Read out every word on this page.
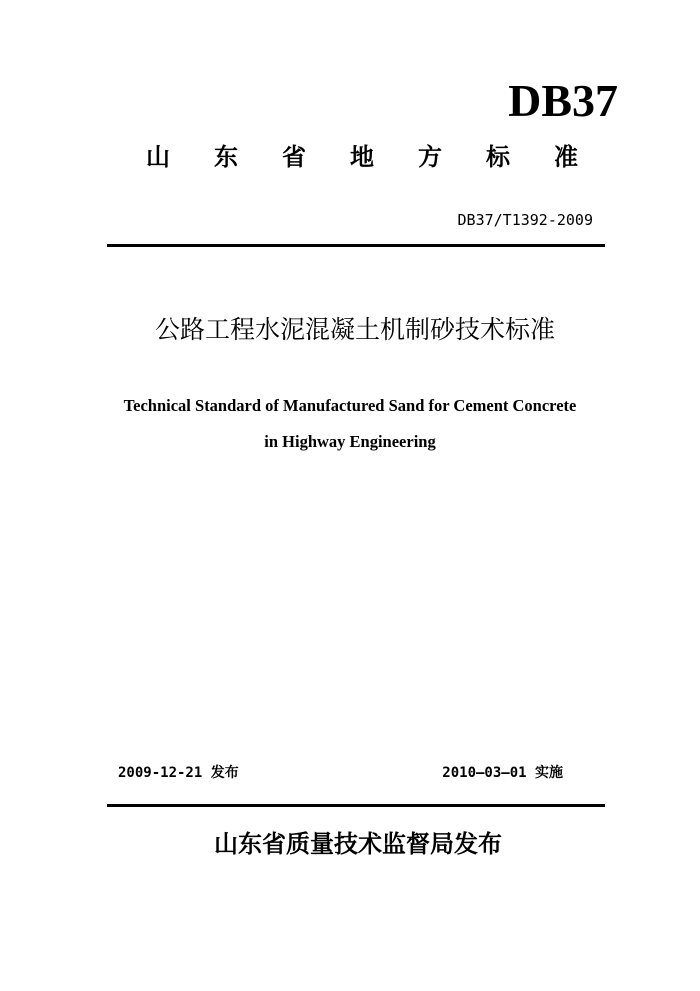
DB37
山	东	省	地	方	标	准
DB37/T1392-2009
公路工程水泥混凝土机制砂技术标准
Technical Standard of Manufactured Sand for Cement Concrete
in Highway Engineering
2009-12-21 发布	2010—03—01 实施
山东省质量技术监督局发布
